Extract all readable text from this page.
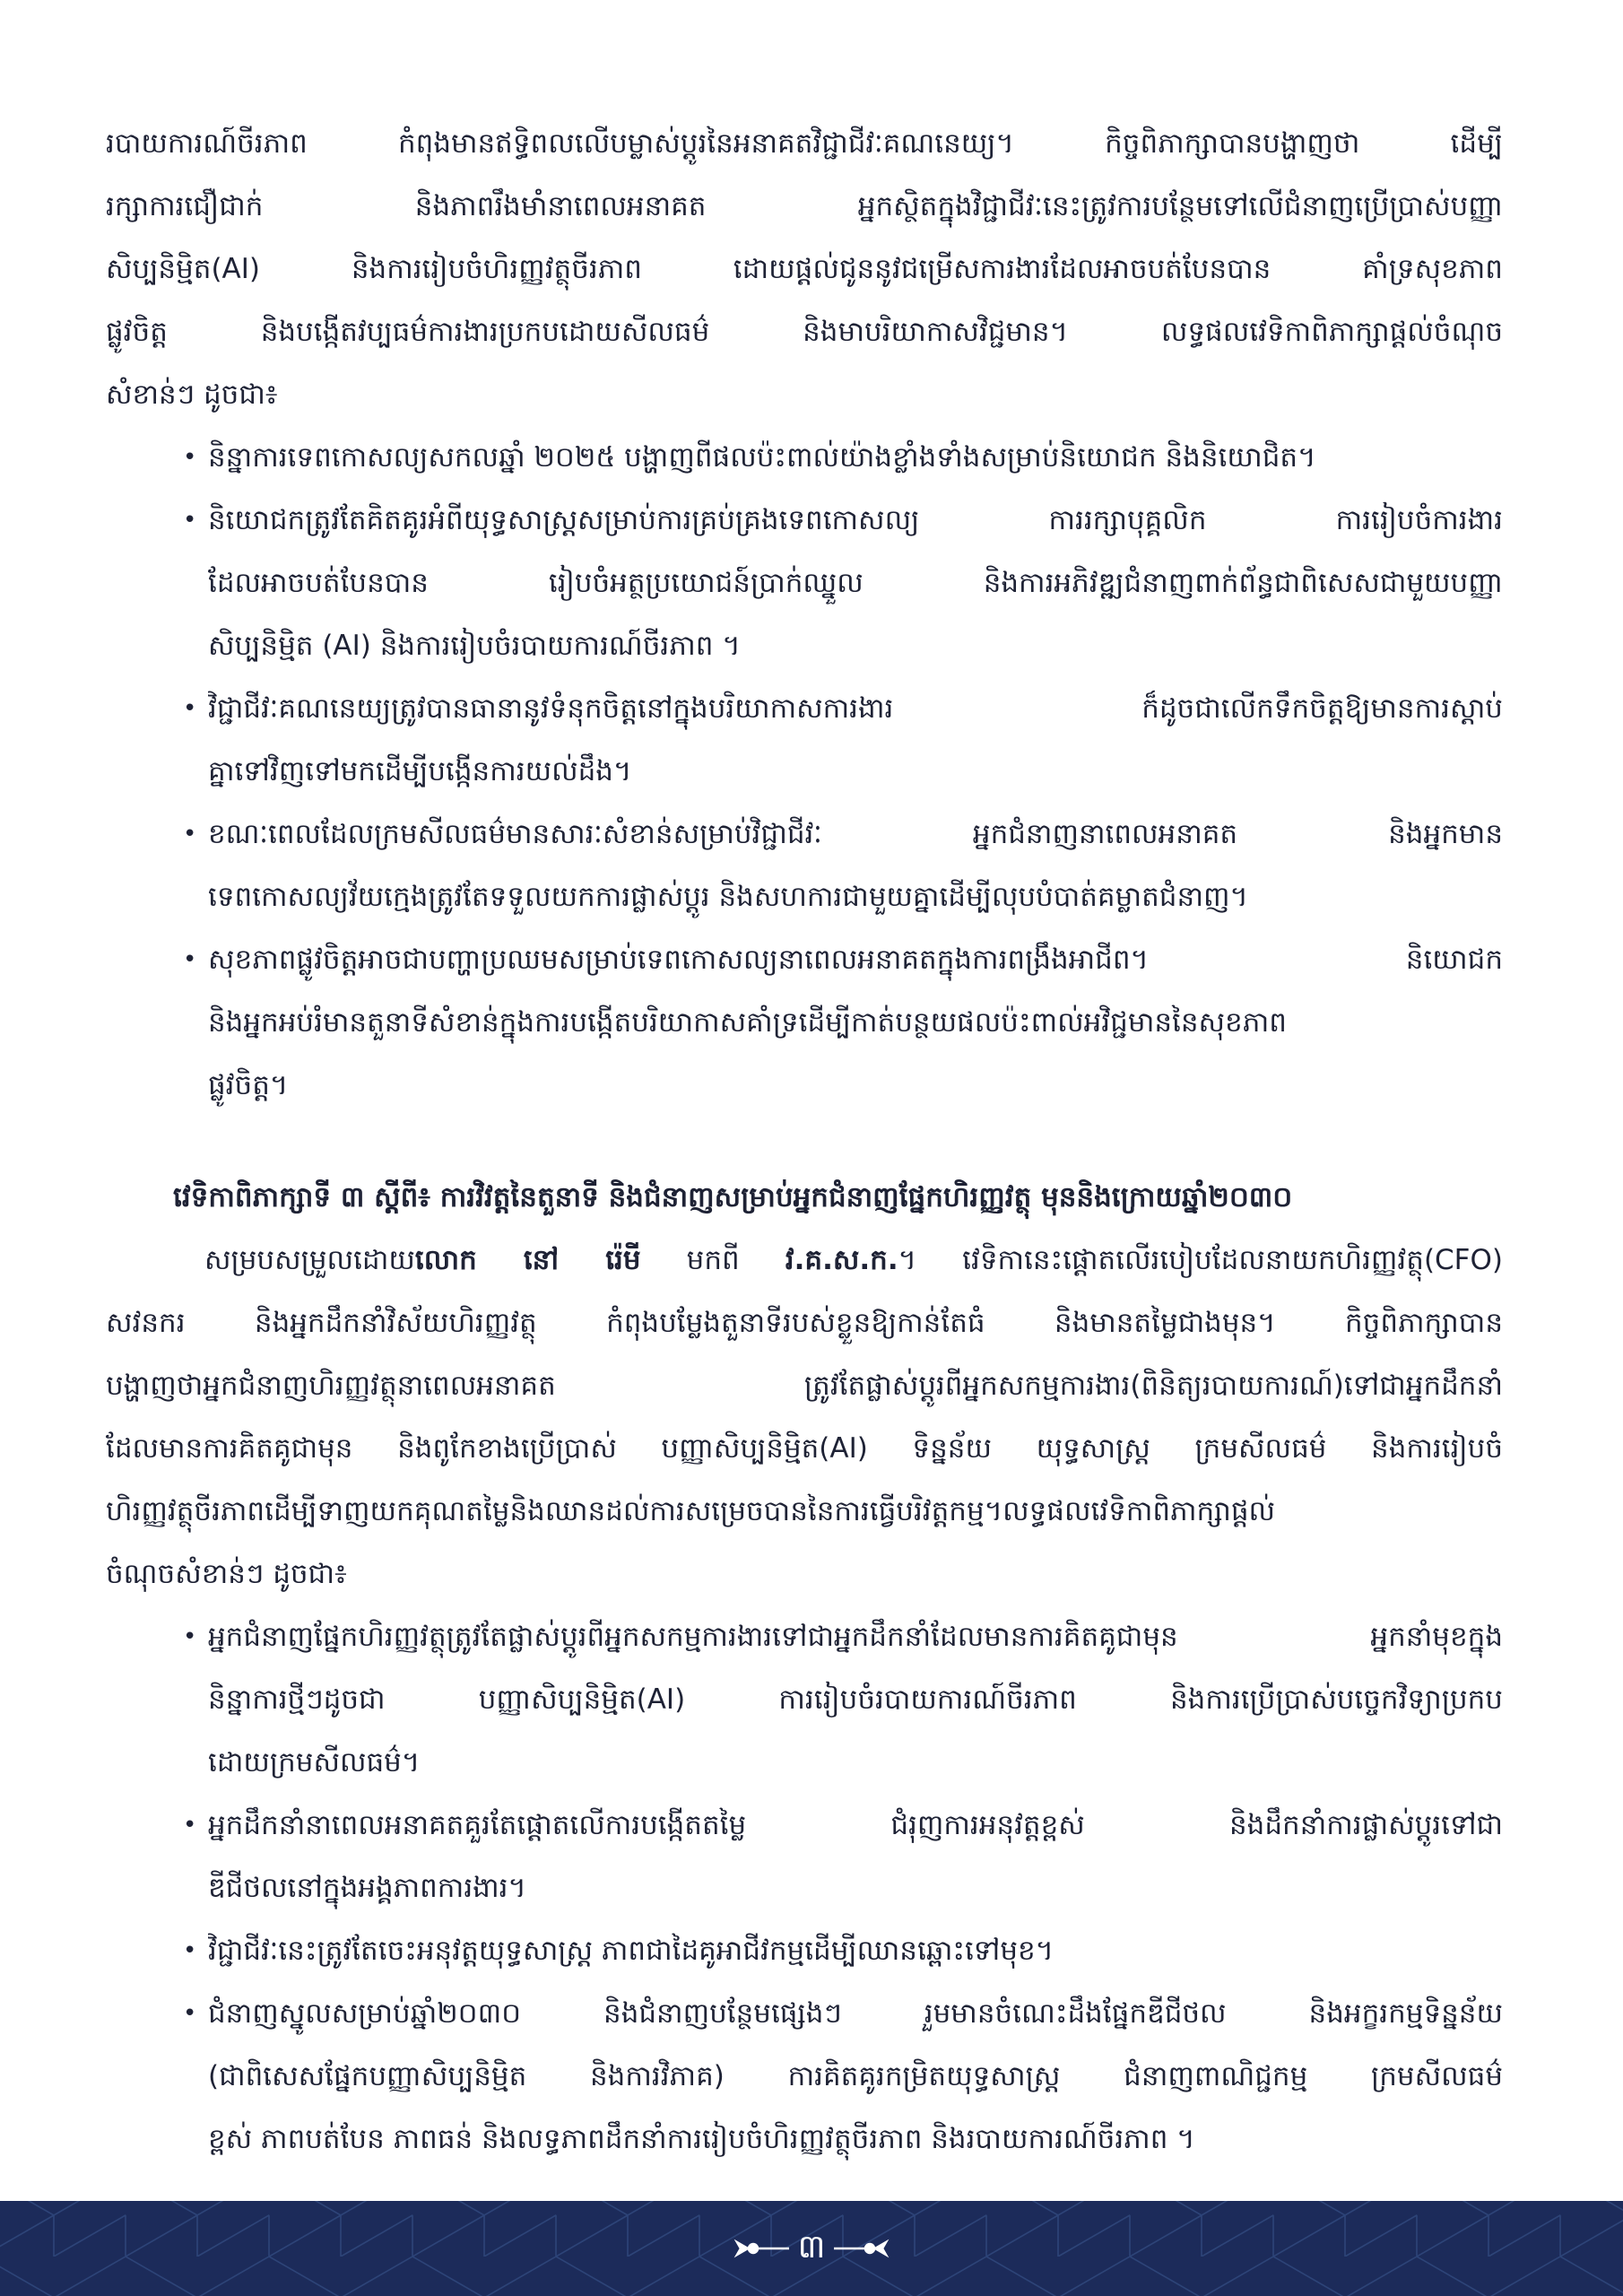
របាយការណ៍ចីរភាព កំពុងមានឥទ្ធិពលលើបម្លាស់ប្តូរនៃអនាគតវិជ្ជាជីវៈគណនេយ្យ។ កិច្ចពិភាក្សាបានបង្ហាញថា ដើម្បី
រក្សាការជឿជាក់ និងភាពរឹងមាំនាពេលអនាគត អ្នកស្ថិតក្នុងវិជ្ជាជីវៈនេះត្រូវការបន្ថែមទៅលើជំនាញប្រើប្រាស់បញ្ញា
សិប្បនិម្មិត(AI) និងការរៀបចំហិរញ្ញវត្ថុចីរភាព ដោយផ្តល់ជូននូវជម្រើសការងារដែលអាចបត់បែនបាន គាំទ្រសុខភាព
ផ្លូវចិត្ត និងបង្កើតវប្បធម៌ការងារប្រកបដោយសីលធម៌ និងមាបរិយាកាសវិជ្ជមាន។ លទ្ធផលវេទិកាពិភាក្សាផ្តល់ចំណុច
សំខាន់ៗ ដូចជា៖
• និន្នាការទេពកោសល្យសកលឆ្នាំ ២០២៥ បង្ហាញពីផលប៉ះពាល់យ៉ាងខ្លាំងទាំងសម្រាប់និយោជក និងនិយោជិត។
• និយោជកត្រូវតែគិតគូរអំពីយុទ្ធសាស្ត្រសម្រាប់ការគ្រប់គ្រងទេពកោសល្យ ការរក្សាបុគ្គលិក ការរៀបចំការងារ
ដែលអាចបត់បែនបាន រៀបចំអត្ថប្រយោជន៍ប្រាក់ឈ្នួល និងការអភិវឌ្ឍជំនាញពាក់ព័ន្ធជាពិសេសជាមួយបញ្ញា
សិប្បនិម្មិត (AI) និងការរៀបចំរបាយការណ៍ចីរភាព ។
• វិជ្ជាជីវៈគណនេយ្យត្រូវបានធានានូវទំនុកចិត្តនៅក្នុងបរិយាកាសការងារ ក៏ដូចជាលើកទឹកចិត្តឱ្យមានការស្តាប់
គ្នាទៅវិញទៅមកដើម្បីបង្កើនការយល់ដឹង។
• ខណៈពេលដែលក្រមសីលធម៌មានសារៈសំខាន់សម្រាប់វិជ្ជាជីវៈ អ្នកជំនាញនាពេលអនាគត និងអ្នកមាន
ទេពកោសល្យវ័យក្មេងត្រូវតែទទួលយកការផ្លាស់ប្តូរ និងសហការជាមួយគ្នាដើម្បីលុបបំបាត់គម្លាតជំនាញ។
• សុខភាពផ្លូវចិត្តអាចជាបញ្ហាប្រឈមសម្រាប់ទេពកោសល្យនាពេលអនាគតក្នុងការពង្រឹងអាជីព។ និយោជក
និងអ្នកអប់រំមានតួនាទីសំខាន់ក្នុងការបង្កើតបរិយាកាសគាំទ្រដើម្បីកាត់បន្ថយផលប៉ះពាល់អវិជ្ជមាននៃសុខភាព
ផ្លូវចិត្ត។
វេទិកាពិភាក្សាទី ៣ ស្តីពី៖ ការវិវត្តនៃតួនាទី និងជំនាញសម្រាប់អ្នកជំនាញផ្នែកហិរញ្ញវត្ថុ មុននិងក្រោយឆ្នាំ២០៣០
សម្របសម្រួលដោយលោក នៅ រ៉េមី មកពី វ.គ.ស.ក.។ វេទិកានេះផ្តោតលើរបៀបដែលនាយកហិរញ្ញវត្ថុ(CFO)
សវនករ និងអ្នកដឹកនាំវិស័យហិរញ្ញវត្ថុ កំពុងបម្លែងតួនាទីរបស់ខ្លួនឱ្យកាន់តែធំ និងមានតម្លៃជាងមុន។ កិច្ចពិភាក្សាបាន
បង្ហាញថាអ្នកជំនាញហិរញ្ញវត្ថុនាពេលអនាគត ត្រូវតែផ្លាស់ប្តូរពីអ្នកសកម្មការងារ(ពិនិត្យរបាយការណ៍)ទៅជាអ្នកដឹកនាំ
ដែលមានការគិតគូជាមុន និងពូកែខាងប្រើប្រាស់ បញ្ញាសិប្បនិម្មិត(AI) ទិន្នន័យ យុទ្ធសាស្ត្រ ក្រមសីលធម៌ និងការរៀបចំ
ហិរញ្ញវត្ថុចីរភាពដើម្បីទាញយកគុណតម្លៃនិងឈានដល់ការសម្រេចបាននៃការធ្វើបរិវត្តកម្ម។លទ្ធផលវេទិកាពិភាក្សាផ្តល់
ចំណុចសំខាន់ៗ ដូចជា៖
• អ្នកជំនាញផ្នែកហិរញ្ញវត្ថុត្រូវតែផ្លាស់ប្តូរពីអ្នកសកម្មការងារទៅជាអ្នកដឹកនាំដែលមានការគិតគូជាមុន អ្នកនាំមុខក្នុង
និន្នាការថ្មីៗដូចជា បញ្ញាសិប្បនិម្មិត(AI) ការរៀបចំរបាយការណ៍ចីរភាព និងការប្រើប្រាស់បច្ចេកវិទ្យាប្រកប
ដោយក្រមសីលធម៌។
• អ្នកដឹកនាំនាពេលអនាគតគួរតែផ្តោតលើការបង្កើតតម្លៃ ជំរុញការអនុវត្តខ្ពស់ និងដឹកនាំការផ្លាស់ប្តូរទៅជា
ឌីជីថលនៅក្នុងអង្គភាពការងារ។
• វិជ្ជាជីវៈនេះត្រូវតែចេះអនុវត្តយុទ្ធសាស្ត្រ ភាពជាដៃគូអាជីវកម្មដើម្បីឈានឆ្ពោះទៅមុខ។
• ជំនាញស្នូលសម្រាប់ឆ្នាំ២០៣០ និងជំនាញបន្ថែមផ្សេងៗ រួមមានចំណេះដឹងផ្នែកឌីជីថល និងអក្ខរកម្មទិន្នន័យ
(ជាពិសេសផ្នែកបញ្ញាសិប្បនិម្មិត និងការវិភាគ) ការគិតគូរកម្រិតយុទ្ធសាស្ត្រ ជំនាញពាណិជ្ជកម្ម ក្រមសីលធម៌
ខ្ពស់ ភាពបត់បែន ភាពធន់ និងលទ្ធភាពដឹកនាំការរៀបចំហិរញ្ញវត្ថុចីរភាព និងរបាយការណ៍ចីរភាព ។
៣
